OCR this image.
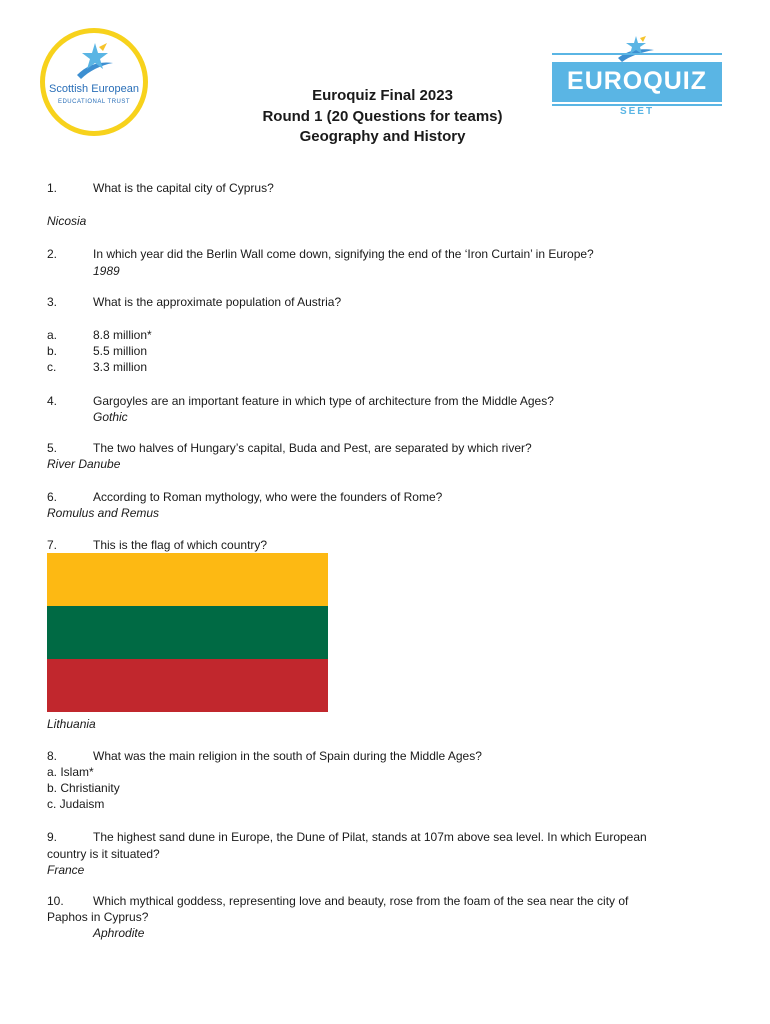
Scottish European
EDUCATIONAL TRUST
EUROQUIZ
SEET
Euroquiz Final 2023
Round 1 (20 Questions for teams)
Geography and History
1.	What is the capital city of Cyprus?
Nicosia
2.	In which year did the Berlin Wall come down, signifying the end of the ‘Iron Curtain’ in Europe?
1989
3.	What is the approximate population of Austria?
a.	8.8 million*
b.	5.5 million
c.	3.3 million
4.	Gargoyles are an important feature in which type of architecture from the Middle Ages?
Gothic
5.	The two halves of Hungary’s capital, Buda and Pest, are separated by which river?
River Danube
6.	According to Roman mythology, who were the founders of Rome?
Romulus and Remus
7.	This is the flag of which country?
Lithuania
8.	What was the main religion in the south of Spain during the Middle Ages?
a. Islam*
b. Christianity
c. Judaism
9.	The highest sand dune in Europe, the Dune of Pilat, stands at 107m above sea level. In which European
country is it situated?
France
10. Which mythical goddess, representing love and beauty, rose from the foam of the sea near the city of
Paphos in Cyprus?
Aphrodite
